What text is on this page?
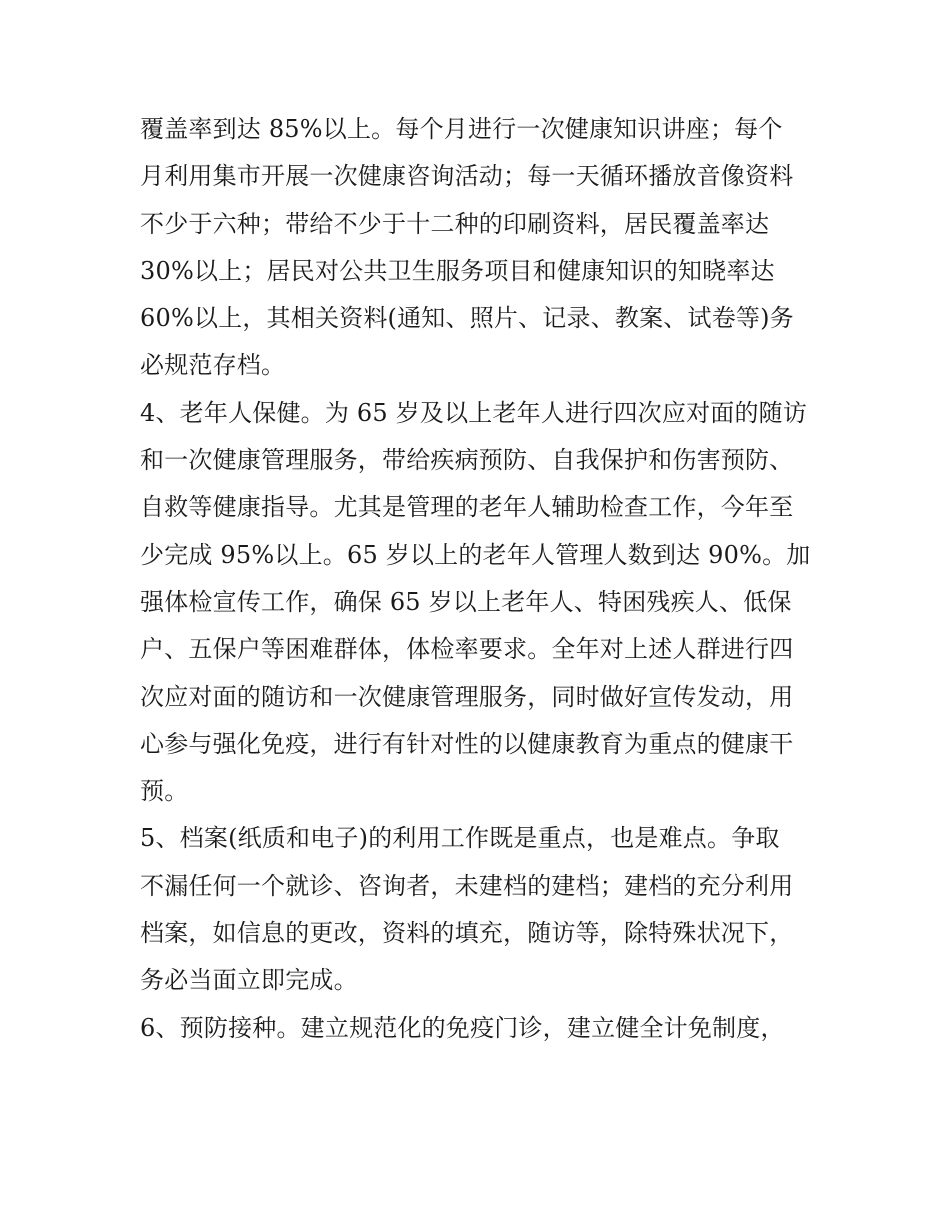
覆盖率到达 85%以上。每个月进行一次健康知识讲座；每个
月利用集市开展一次健康咨询活动；每一天循环播放音像资料
不少于六种；带给不少于十二种的印刷资料，居民覆盖率达
30%以上；居民对公共卫生服务项目和健康知识的知晓率达
60%以上，其相关资料(通知、照片、记录、教案、试卷等)务
必规范存档。
4、老年人保健。为 65 岁及以上老年人进行四次应对面的随访
和一次健康管理服务，带给疾病预防、自我保护和伤害预防、
自救等健康指导。尤其是管理的老年人辅助检查工作，今年至
少完成 95%以上。65 岁以上的老年人管理人数到达 90%。加
强体检宣传工作，确保 65 岁以上老年人、特困残疾人、低保
户、五保户等困难群体，体检率要求。全年对上述人群进行四
次应对面的随访和一次健康管理服务，同时做好宣传发动，用
心参与强化免疫，进行有针对性的以健康教育为重点的健康干
预。
5、档案(纸质和电子)的利用工作既是重点，也是难点。争取
不漏任何一个就诊、咨询者，未建档的建档；建档的充分利用
档案，如信息的更改，资料的填充，随访等，除特殊状况下，
务必当面立即完成。
6、预防接种。建立规范化的免疫门诊，建立健全计免制度，
